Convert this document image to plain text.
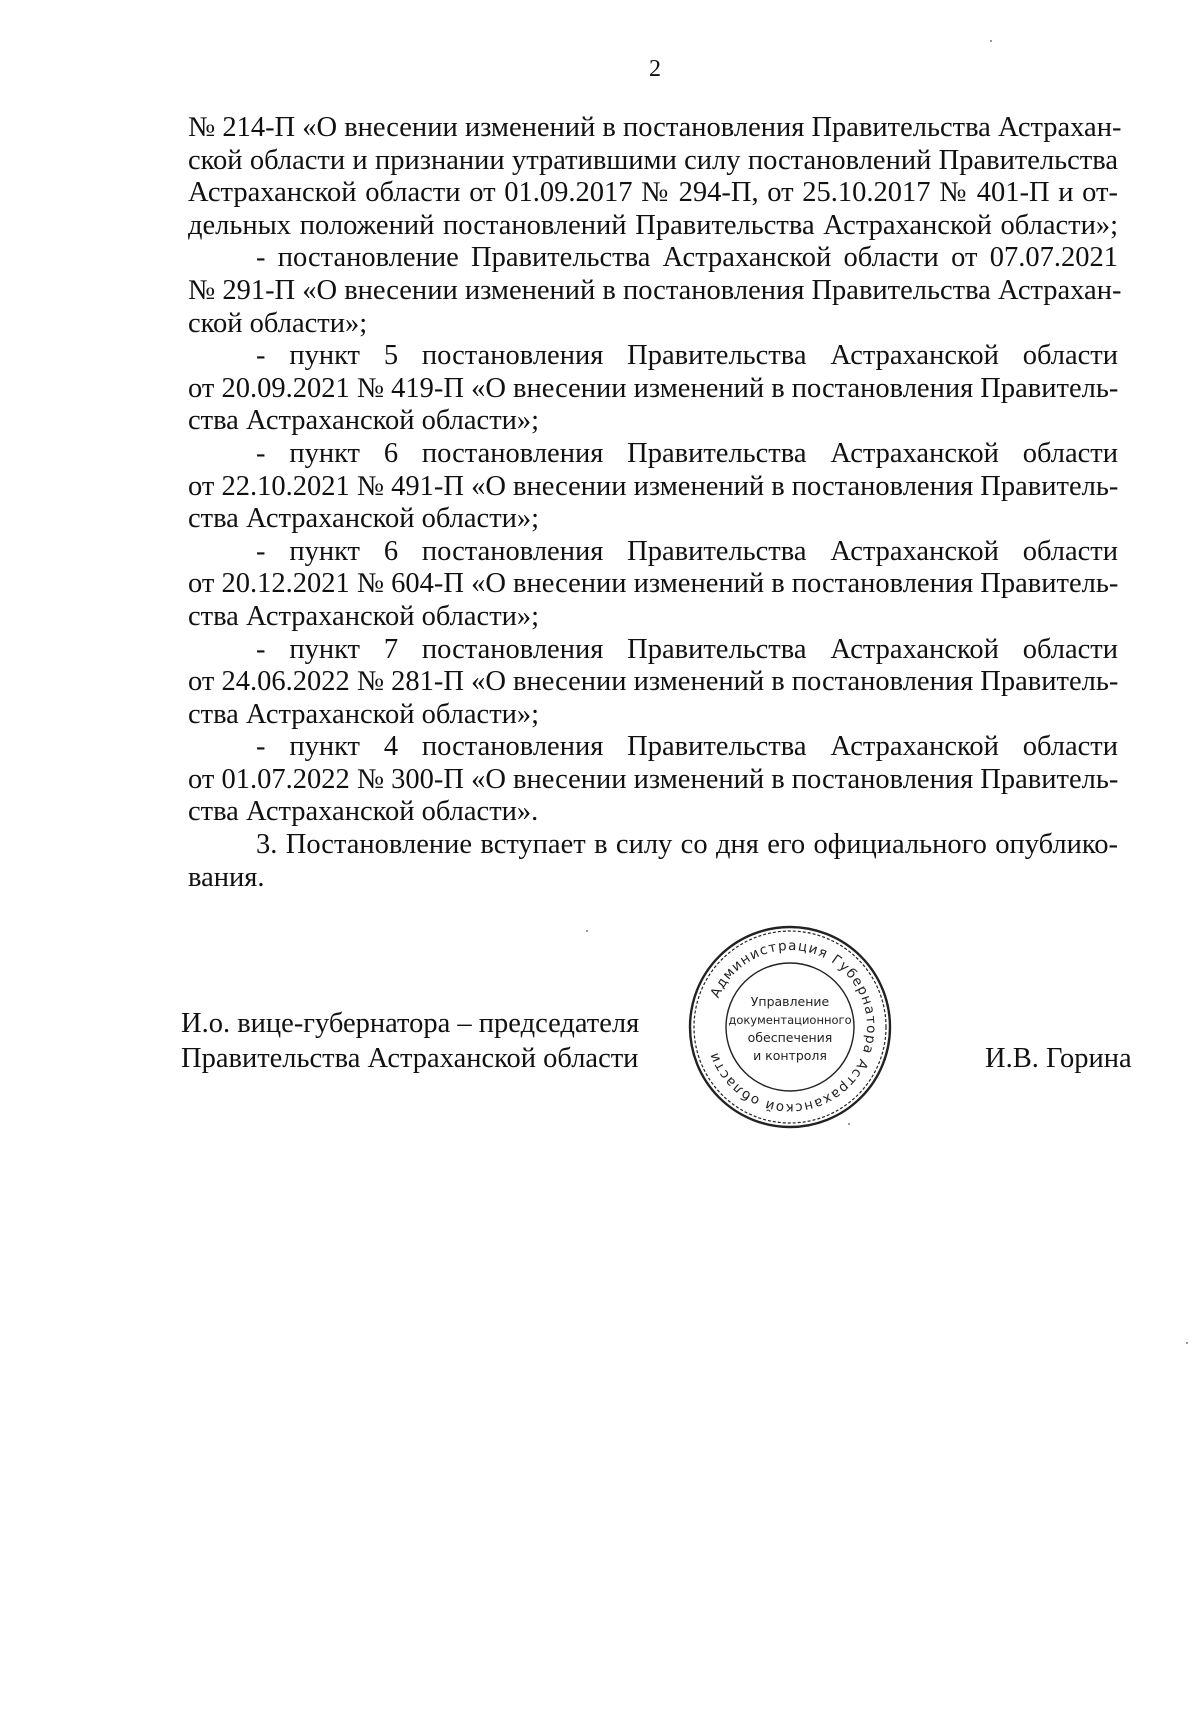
2
№ 214-П «О внесении изменений в постановления Правительства Астрахан-
ской области и признании утратившими силу постановлений Правительства
Астраханской области от 01.09.2017 № 294-П, от 25.10.2017 № 401-П и от-
дельных положений постановлений Правительства Астраханской области»;
- постановление Правительства Астраханской области от 07.07.2021
№ 291-П «О внесении изменений в постановления Правительства Астрахан-
ской области»;
- пункт 5 постановления Правительства Астраханской области
от 20.09.2021 № 419-П «О внесении изменений в постановления Правитель-
ства Астраханской области»;
- пункт 6 постановления Правительства Астраханской области
от 22.10.2021 № 491-П «О внесении изменений в постановления Правитель-
ства Астраханской области»;
- пункт 6 постановления Правительства Астраханской области
от 20.12.2021 № 604-П «О внесении изменений в постановления Правитель-
ства Астраханской области»;
- пункт 7 постановления Правительства Астраханской области
от 24.06.2022 № 281-П «О внесении изменений в постановления Правитель-
ства Астраханской области»;
- пункт 4 постановления Правительства Астраханской области
от 01.07.2022 № 300-П «О внесении изменений в постановления Правитель-
ства Астраханской области».
3. Постановление вступает в силу со дня его официального опублико-
вания.
И.о. вице-губернатора – председателя
Правительства Астраханской области
Администрация Губернатора Астраханской области
Управление
документационного
обеспечения
и контроля	И.В. Горина
